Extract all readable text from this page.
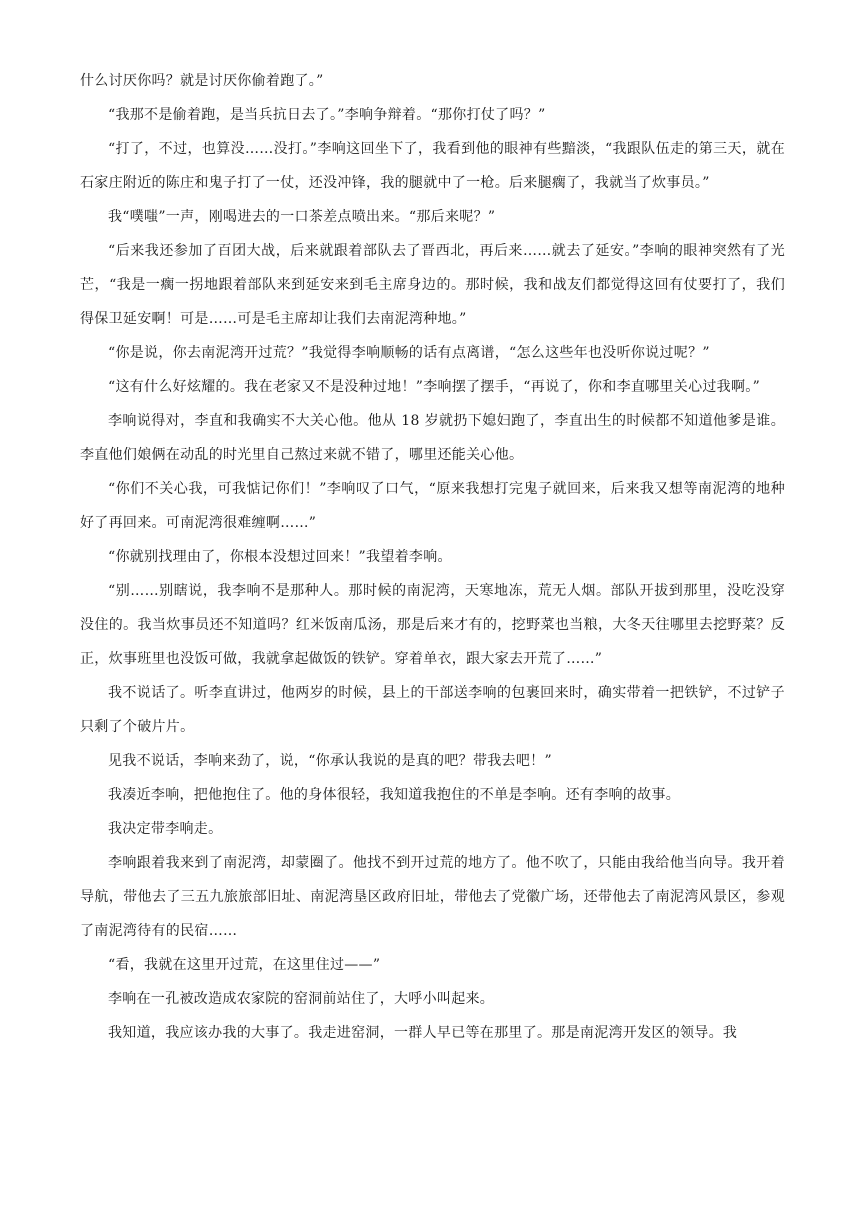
什么讨厌你吗？就是讨厌你偷着跑了。”

“我那不是偷着跑，是当兵抗日去了。”李响争辩着。“那你打仗了吗？”

“打了，不过，也算没……没打。”李响这回坐下了，我看到他的眼神有些黯淡，“我跟队伍走的第三天，就在石家庄附近的陈庄和鬼子打了一仗，还没冲锋，我的腿就中了一枪。后来腿瘸了，我就当了炊事员。”

我“噗嗤”一声，刚喝进去的一口茶差点喷出来。“那后来呢？”

“后来我还参加了百团大战，后来就跟着部队去了晋西北，再后来……就去了延安。”李响的眼神突然有了光芒，“我是一瘸一拐地跟着部队来到延安来到毛主席身边的。那时候，我和战友们都觉得这回有仗要打了，我们得保卫延安啊！可是……可是毛主席却让我们去南泥湾种地。”

“你是说，你去南泥湾开过荒？”我觉得李响顺畅的话有点离谱，“怎么这些年也没听你说过呢？”

“这有什么好炫耀的。我在老家又不是没种过地！”李响摆了摆手，“再说了，你和李直哪里关心过我啊。”

李响说得对，李直和我确实不大关心他。他从 18 岁就扔下媳妇跑了，李直出生的时候都不知道他爹是谁。李直他们娘俩在动乱的时光里自己熬过来就不错了，哪里还能关心他。

“你们不关心我，可我惦记你们！”李响叹了口气，“原来我想打完鬼子就回来，后来我又想等南泥湾的地种好了再回来。可南泥湾很难缠啊……”

“你就别找理由了，你根本没想过回来！”我望着李响。

“别……别瞎说，我李响不是那种人。那时候的南泥湾，天寒地冻，荒无人烟。部队开拔到那里，没吃没穿没住的。我当炊事员还不知道吗？红米饭南瓜汤，那是后来才有的，挖野菜也当粮，大冬天往哪里去挖野菜？反正，炊事班里也没饭可做，我就拿起做饭的铁铲。穿着单衣，跟大家去开荒了……”

我不说话了。听李直讲过，他两岁的时候，县上的干部送李响的包裹回来时，确实带着一把铁铲，不过铲子只剩了个破片片。

见我不说话，李响来劲了，说，“你承认我说的是真的吧？带我去吧！”

我凑近李响，把他抱住了。他的身体很轻，我知道我抱住的不单是李响。还有李响的故事。

我决定带李响走。

李响跟着我来到了南泥湾，却蒙圈了。他找不到开过荒的地方了。他不吹了，只能由我给他当向导。我开着导航，带他去了三五九旅旅部旧址、南泥湾垦区政府旧址，带他去了党徽广场，还带他去了南泥湾风景区，参观了南泥湾待有的民宿……

“看，我就在这里开过荒，在这里住过——”

李响在一孔被改造成农家院的窑洞前站住了，大呼小叫起来。

我知道，我应该办我的大事了。我走进窑洞，一群人早已等在那里了。那是南泥湾开发区的领导。我
